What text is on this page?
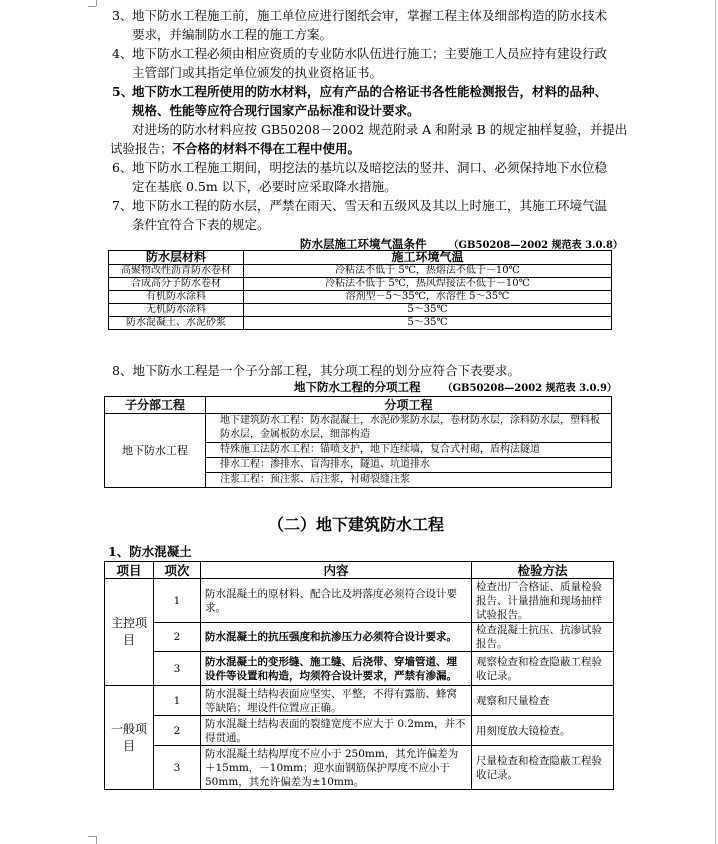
3、地下防水工程施工前，施工单位应进行图纸会审，掌握工程主体及细部构造的防水技术
要求，并编制防水工程的施工方案。
4、地下防水工程必须由相应资质的专业防水队伍进行施工；主要施工人员应持有建设行政
主管部门或其指定单位颁发的执业资格证书。
5、地下防水工程所使用的防水材料，应有产品的合格证书各性能检测报告，材料的品种、
规格、性能等应符合现行国家产品标准和设计要求。
对进场的防水材料应按 GB50208－2002 规范附录 A 和附录 B 的规定抽样复验，并提出
试验报告；不合格的材料不得在工程中使用。
6、地下防水工程施工期间，明挖法的基坑以及暗挖法的竖井、洞口、必须保持地下水位稳
定在基底 0.5m 以下，必要时应采取降水措施。
7、地下防水工程的防水层，严禁在雨天、雪天和五级风及其以上时施工，其施工环境气温
条件宜符合下表的规定。
防水层施工环境气温条件 （GB50208—2002 规范表 3.0.8）
防水层材料	施工环境气温
高聚物改性沥青防水卷材	冷粘法不低于 5℃，热熔法不低于－10℃
合成高分子防水卷材	冷粘法不低于 5℃，热风焊接法不低于－10℃
有机防水涂料	溶剂型－5～35℃，水溶性 5～35℃
无机防水涂料	5～35℃
防水混凝土、水泥砂浆	5～35℃
8、地下防水工程是一个子分部工程，其分项工程的划分应符合下表要求。
地下防水工程的分项工程 （GB50208—2002 规范表 3.0.9）
子分部工程	分项工程
地下防水工程	地下建筑防水工程：防水混凝土，水泥砂浆防水层，卷材防水层，涂料防水层，塑料板防水层，金属板防水层，细部构造
	特殊施工法防水工程：锚喷支护，地下连续墙，复合式衬砌，盾构法隧道
	排水工程：渗排水、盲沟排水，隧道、坑道排水
	注浆工程：预注浆、后注浆，衬砌裂缝注浆
（二）地下建筑防水工程
1、防水混凝土
项目	项次	内容	检验方法
主控项目	1	防水混凝土的原材料、配合比及坍落度必须符合设计要求。	检查出厂合格证、质量检验报告、计量措施和现场抽样试验报告。
	2	防水混凝土的抗压强度和抗渗压力必须符合设计要求。	检查混凝土抗压、抗渗试验报告。
	3	防水混凝土的变形缝、施工缝、后浇带、穿墙管道、埋设件等设置和构造，均须符合设计要求，严禁有渗漏。	观察检查和检查隐蔽工程验收记录。
一般项目	1	防水混凝土结构表面应坚实、平整，不得有露筋、蜂窝等缺陷；埋设件位置应正确。	观察和尺量检查
	2	防水混凝土结构表面的裂缝宽度不应大于 0.2mm，并不得贯通。	用刻度放大镜检查。
	3	防水混凝土结构厚度不应小于 250mm，其允许偏差为＋15mm，－10mm；迎水面钢筋保护厚度不应小于 50mm，其允许偏差为±10mm。	尺量检查和检查隐蔽工程验收记录。
